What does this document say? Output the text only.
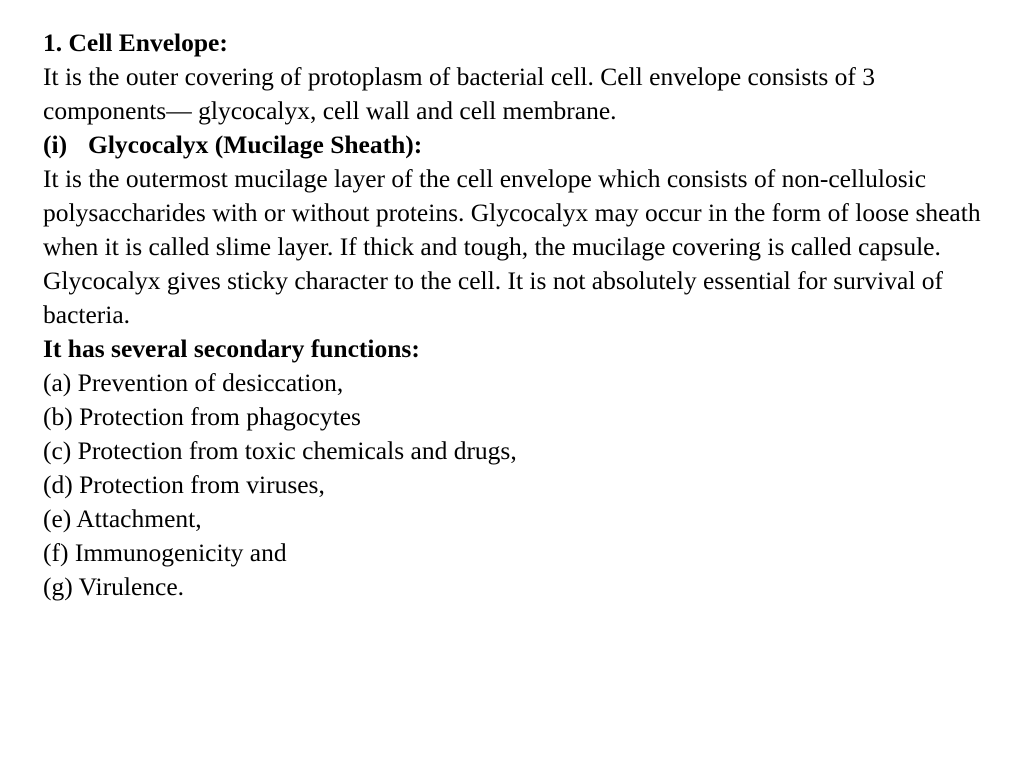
1. Cell Envelope:

It is the outer covering of protoplasm of bacterial cell. Cell envelope consists of 3 components— glycocalyx, cell wall and cell membrane.

(i) Glycocalyx (Mucilage Sheath):

It is the outermost mucilage layer of the cell envelope which consists of non-cellulosic polysaccharides with or without proteins. Glycocalyx may occur in the form of loose sheath when it is called slime layer. If thick and tough, the mucilage covering is called capsule. Glycocalyx gives sticky character to the cell. It is not absolutely essential for survival of bacteria.

It has several secondary functions:

(a) Prevention of desiccation,

(b) Protection from phagocytes

(c) Protection from toxic chemicals and drugs,

(d) Protection from viruses,

(e) Attachment,

(f) Immunogenicity and

(g) Virulence.
